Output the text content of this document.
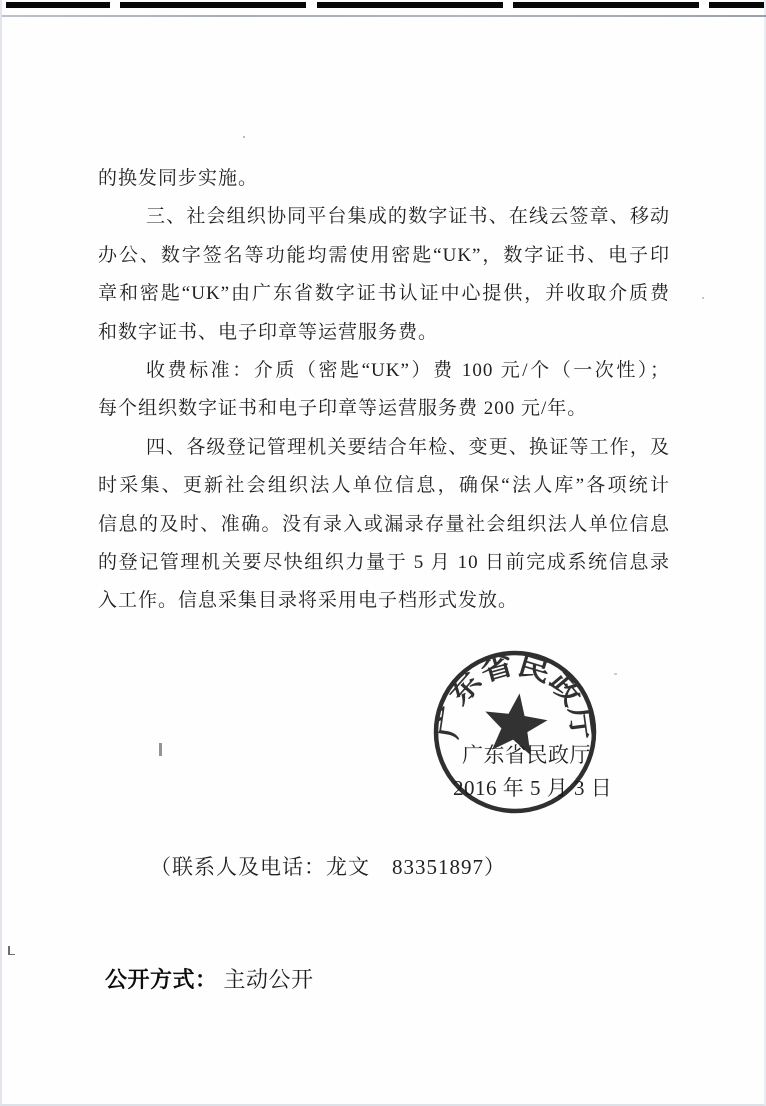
的换发同步实施。
三、社会组织协同平台集成的数字证书、在线云签章、移动
办公、数字签名等功能均需使用密匙“UK”，数字证书、电子印
章和密匙“UK”由广东省数字证书认证中心提供，并收取介质费
和数字证书、电子印章等运营服务费。
收费标准：介质（密匙“UK”）费 100 元/个（一次性）；
每个组织数字证书和电子印章等运营服务费 200 元/年。
四、各级登记管理机关要结合年检、变更、换证等工作，及
时采集、更新社会组织法人单位信息，确保“法人库”各项统计
信息的及时、准确。没有录入或漏录存量社会组织法人单位信息
的登记管理机关要尽快组织力量于 5 月 10 日前完成系统信息录
入工作。信息采集目录将采用电子档形式发放。
广东省民政厅
2016 年 5 月 3 日
广东省民政厅
（联系人及电话：龙文　83351897）
公开方式： 主动公开
